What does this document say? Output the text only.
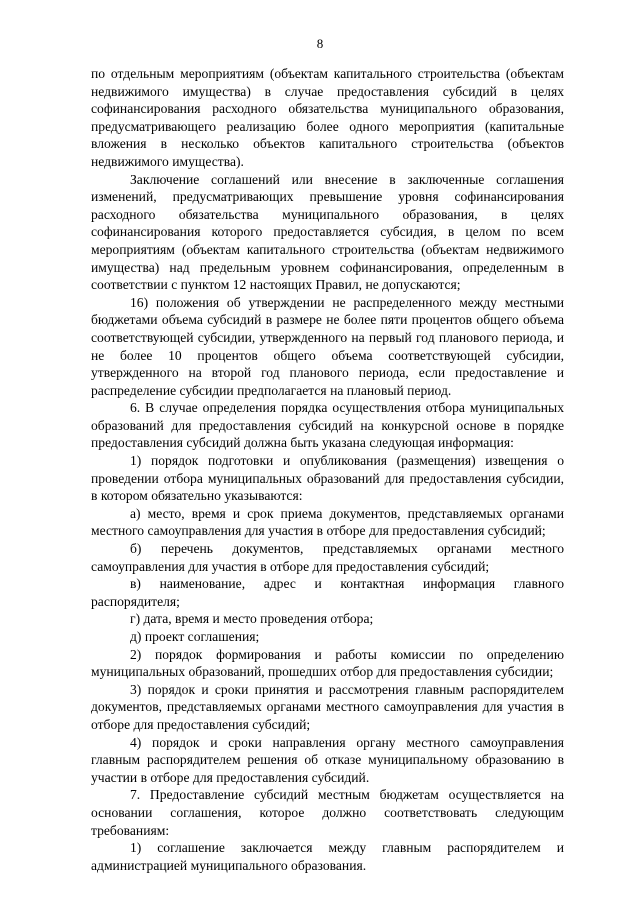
8

по отдельным мероприятиям (объектам капитального строительства (объектам недвижимого имущества) в случае предоставления субсидий в целях софинансирования расходного обязательства муниципального образования, предусматривающего реализацию более одного мероприятия (капитальные вложения в несколько объектов капитального строительства (объектов недвижимого имущества).

Заключение соглашений или внесение в заключенные соглашения изменений, предусматривающих превышение уровня софинансирования расходного обязательства муниципального образования, в целях софинансирования которого предоставляется субсидия, в целом по всем мероприятиям (объектам капитального строительства (объектам недвижимого имущества) над предельным уровнем софинансирования, определенным в соответствии с пунктом 12 настоящих Правил, не допускаются;

16) положения об утверждении не распределенного между местными бюджетами объема субсидий в размере не более пяти процентов общего объема соответствующей субсидии, утвержденного на первый год планового периода, и не более 10 процентов общего объема соответствующей субсидии, утвержденного на второй год планового периода, если предоставление и распределение субсидии предполагается на плановый период.

6. В случае определения порядка осуществления отбора муниципальных образований для предоставления субсидий на конкурсной основе в порядке предоставления субсидий должна быть указана следующая информация:

1) порядок подготовки и опубликования (размещения) извещения о проведении отбора муниципальных образований для предоставления субсидии, в котором обязательно указываются:

а) место, время и срок приема документов, представляемых органами местного самоуправления для участия в отборе для предоставления субсидий;

б) перечень документов, представляемых органами местного самоуправления для участия в отборе для предоставления субсидий;

в) наименование, адрес и контактная информация главного распорядителя;

г) дата, время и место проведения отбора;

д) проект соглашения;

2) порядок формирования и работы комиссии по определению муниципальных образований, прошедших отбор для предоставления субсидии;

3) порядок и сроки принятия и рассмотрения главным распорядителем документов, представляемых органами местного самоуправления для участия в отборе для предоставления субсидий;

4) порядок и сроки направления органу местного самоуправления главным распорядителем решения об отказе муниципальному образованию в участии в отборе для предоставления субсидий.

7. Предоставление субсидий местным бюджетам осуществляется на основании соглашения, которое должно соответствовать следующим требованиям:

1) соглашение заключается между главным распорядителем и администрацией муниципального образования.
